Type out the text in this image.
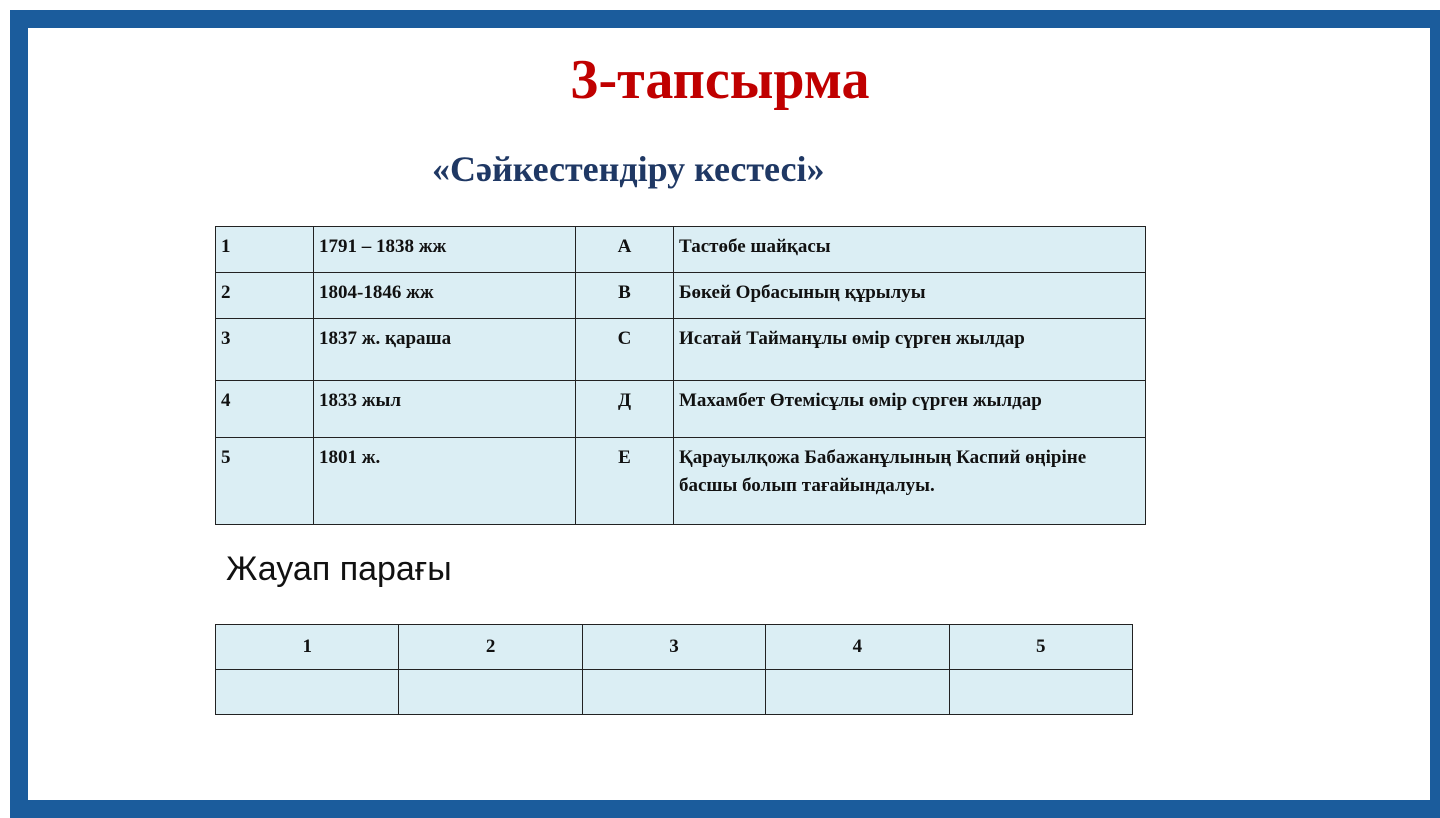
3-тапсырма
«Сәйкестендіру кестесі»
1	1791 – 1838 жж	А	Тастөбе шайқасы
2	1804-1846 жж	В	Бөкей Орбасының құрылуы
3	1837 ж. қараша	С	Исатай Тайманұлы өмір сүрген жылдар
4	1833 жыл	Д	Махамбет Өтемісұлы өмір сүрген жылдар
5	1801 ж.	Е	Қарауылқожа Бабажанұлының Каспий өңіріне басшы болып тағайындалуы.
Жауап парағы
1	2	3	4	5
